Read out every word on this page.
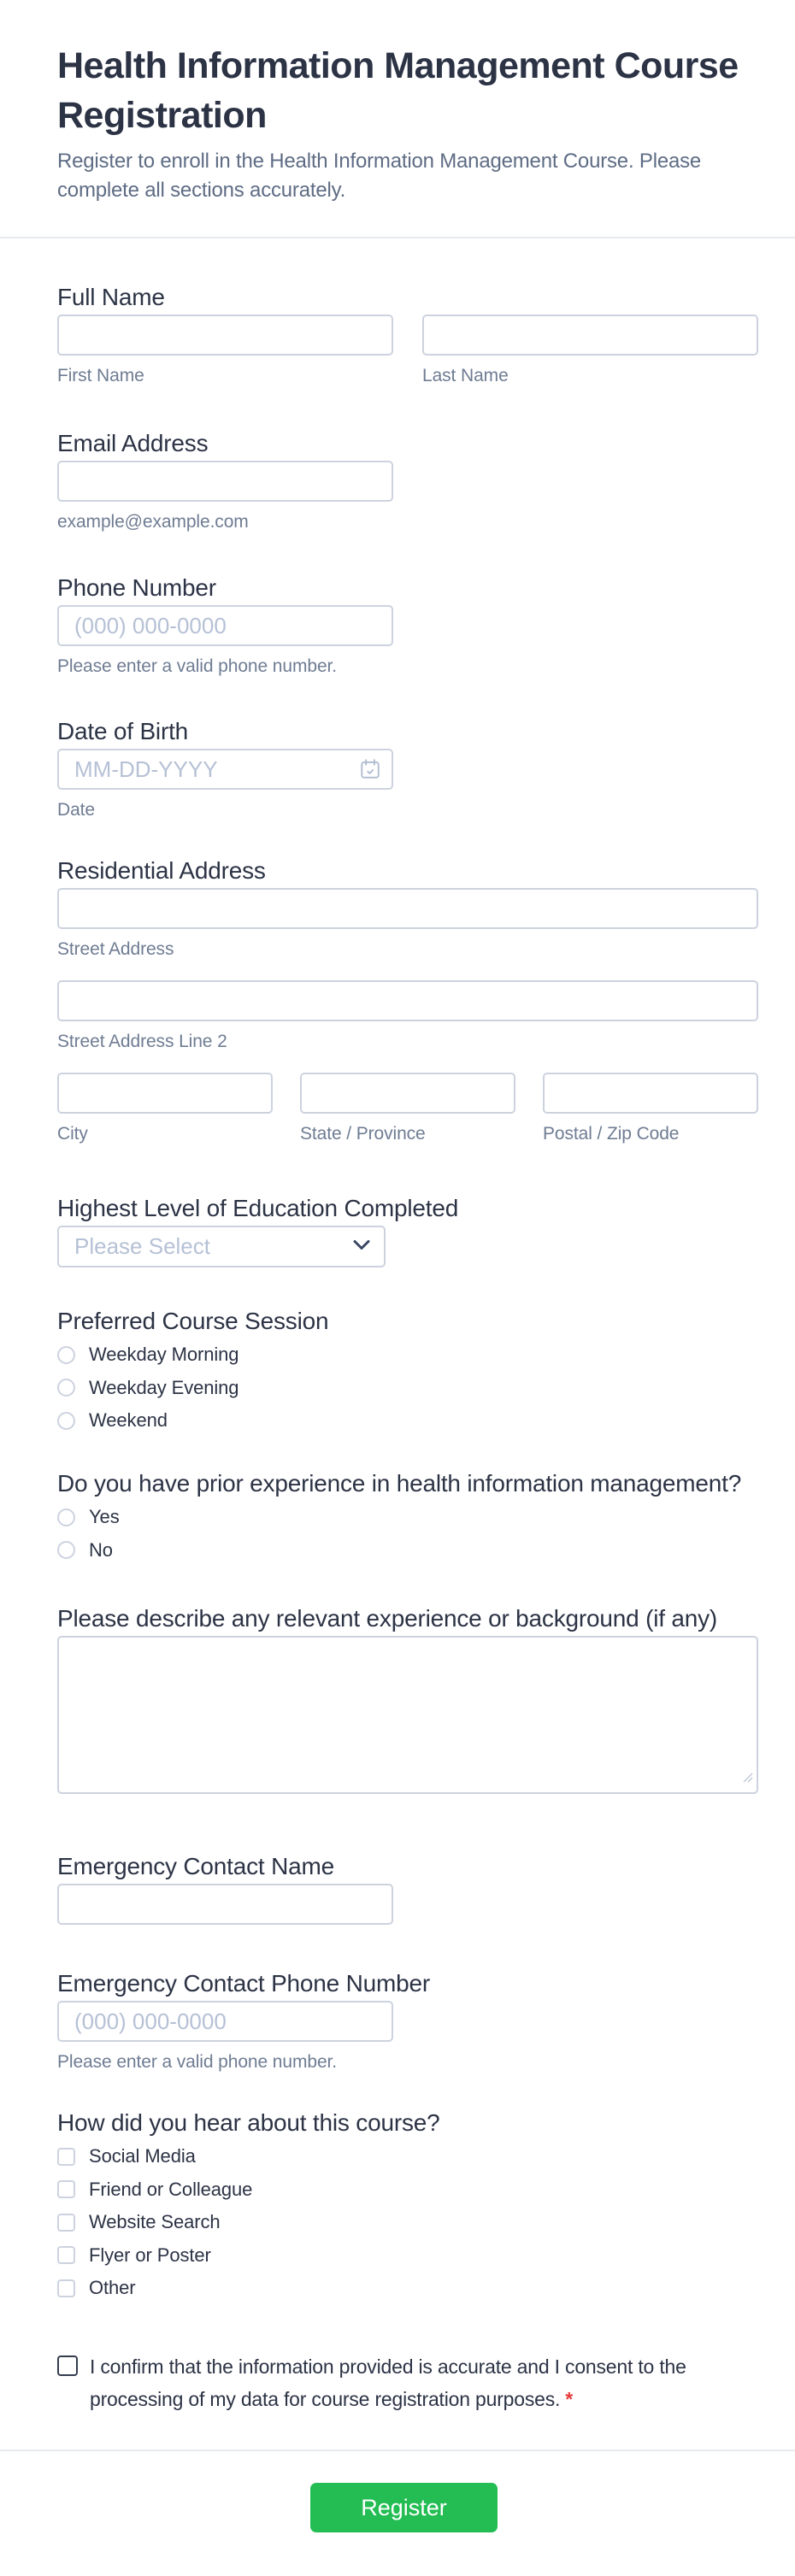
Health Information Management Course Registration

Register to enroll in the Health Information Management Course. Please complete all sections accurately.

Full Name
First Name	Last Name
Email Address
example@example.com
Phone Number
(000) 000-0000
Please enter a valid phone number.
Date of Birth
MM-DD-YYYY
Date
Residential Address
Street Address
Street Address Line 2
City	State / Province	Postal / Zip Code
Highest Level of Education Completed
Please Select
Preferred Course Session
Weekday Morning
Weekday Evening
Weekend
Do you have prior experience in health information management?
Yes
No
Please describe any relevant experience or background (if any)
Emergency Contact Name
Emergency Contact Phone Number
(000) 000-0000
Please enter a valid phone number.
How did you hear about this course?
Social Media
Friend or Colleague
Website Search
Flyer or Poster
Other
I confirm that the information provided is accurate and I consent to the processing of my data for course registration purposes. *
Register
